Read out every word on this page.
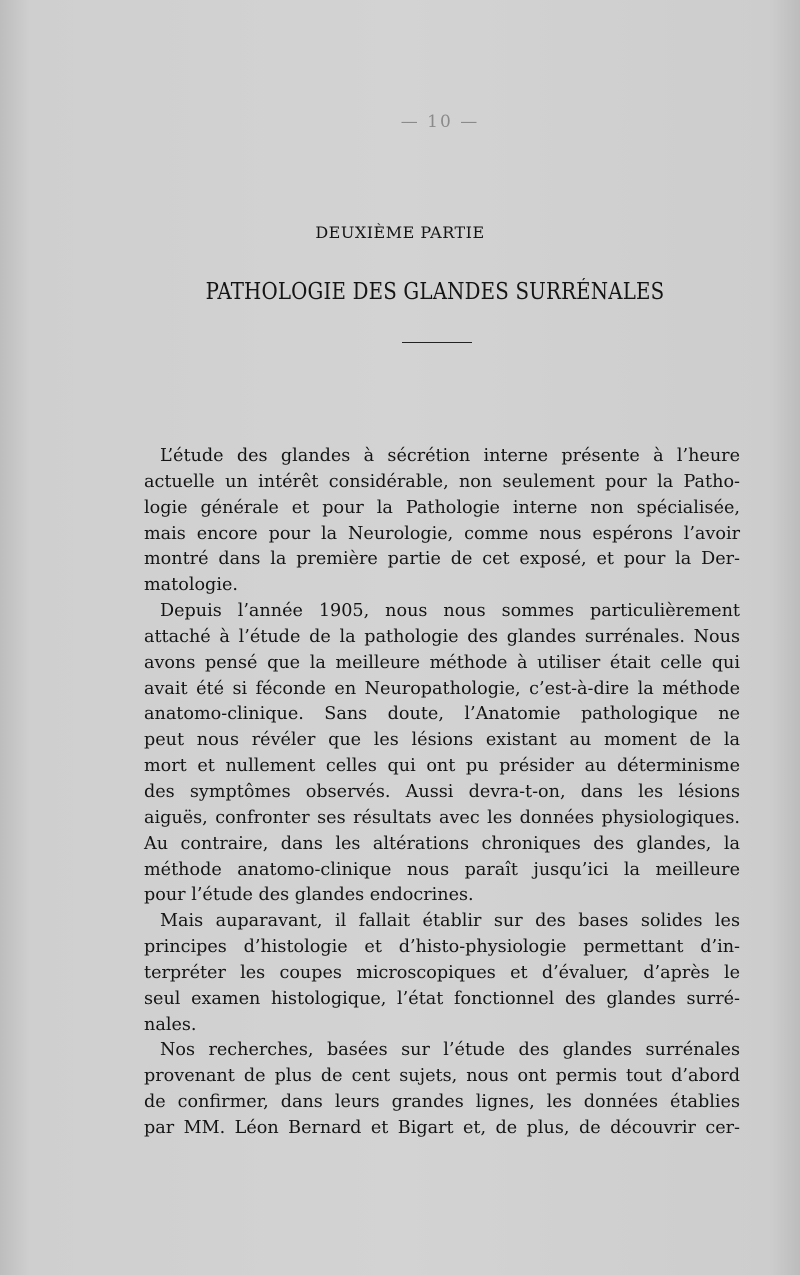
— 10 —
DEUXIÈME PARTIE
PATHOLOGIE DES GLANDES SURRÉNALES
L’étude des glandes à sécrétion interne présente à l’heure
actuelle un intérêt considérable, non seulement pour la Patho-
logie générale et pour la Pathologie interne non spécialisée,
mais encore pour la Neurologie, comme nous espérons l’avoir
montré dans la première partie de cet exposé, et pour la Der-
matologie.
Depuis l’année 1905, nous nous sommes particulièrement
attaché à l’étude de la pathologie des glandes surrénales. Nous
avons pensé que la meilleure méthode à utiliser était celle qui
avait été si féconde en Neuropathologie, c’est-à-dire la méthode
anatomo-clinique. Sans doute, l’Anatomie pathologique ne
peut nous révéler que les lésions existant au moment de la
mort et nullement celles qui ont pu présider au déterminisme
des symptômes observés. Aussi devra-t-on, dans les lésions
aiguës, confronter ses résultats avec les données physiologiques.
Au contraire, dans les altérations chroniques des glandes, la
méthode anatomo-clinique nous paraît jusqu’ici la meilleure
pour l’étude des glandes endocrines.
Mais auparavant, il fallait établir sur des bases solides les
principes d’histologie et d’histo-physiologie permettant d’in-
terpréter les coupes microscopiques et d’évaluer, d’après le
seul examen histologique, l’état fonctionnel des glandes surré-
nales.
Nos recherches, basées sur l’étude des glandes surrénales
provenant de plus de cent sujets, nous ont permis tout d’abord
de confirmer, dans leurs grandes lignes, les données établies
par MM. Léon Bernard et Bigart et, de plus, de découvrir cer-
